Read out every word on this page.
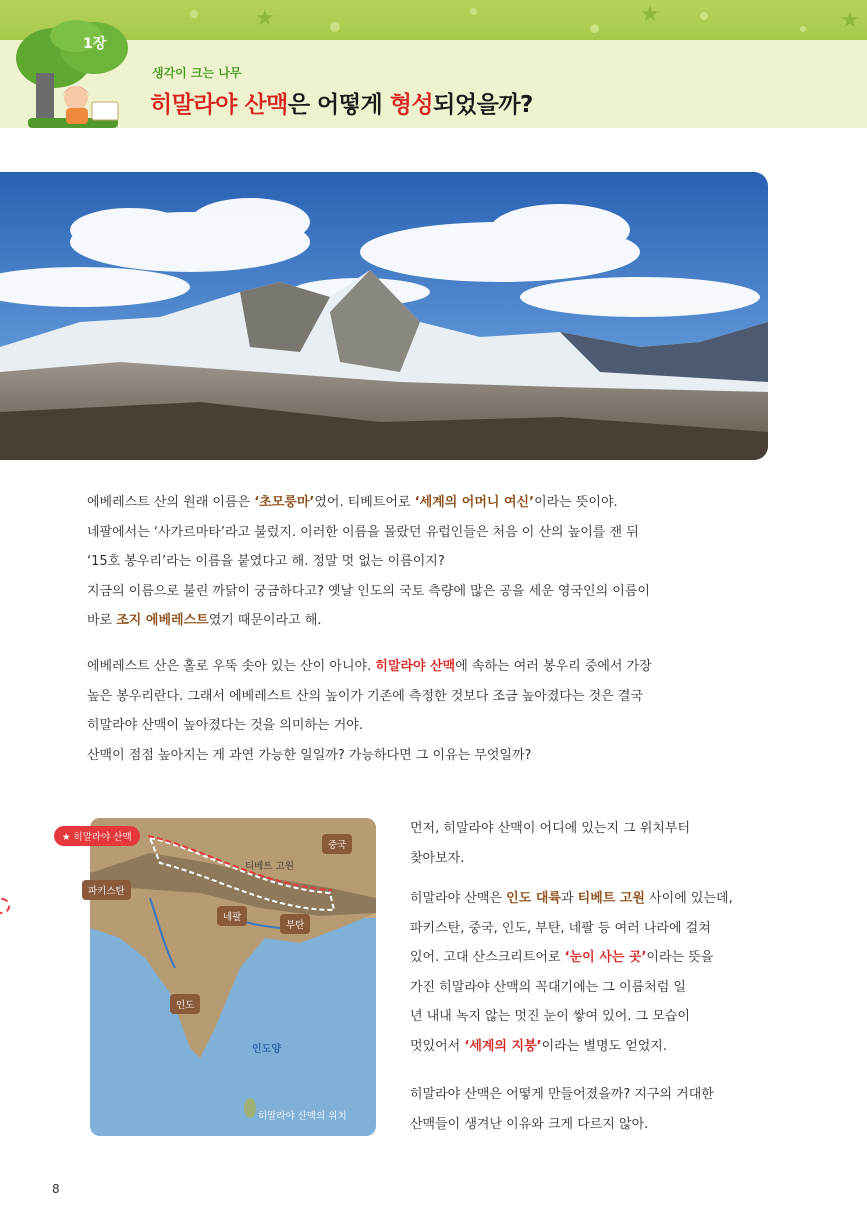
★	★	★
1장
생각이 크는 나무
히말라야 산맥은 어떻게 형성되었을까?
에베레스트 산의 원래 이름은 ‘초모룽마’였어. 티베트어로 ‘세계의 어머니 여신’이라는 뜻이야.
네팔에서는 ‘사가르마타’라고 불렀지. 이러한 이름을 몰랐던 유럽인들은 처음 이 산의 높이를 잰 뒤
‘15호 봉우리’라는 이름을 붙였다고 해. 정말 멋 없는 이름이지?
지금의 이름으로 불린 까닭이 궁금하다고? 옛날 인도의 국토 측량에 많은 공을 세운 영국인의 이름이
바로 조지 에베레스트였기 때문이라고 해.
에베레스트 산은 홀로 우뚝 솟아 있는 산이 아니야. 히말라야 산맥에 속하는 여러 봉우리 중에서 가장
높은 봉우리란다. 그래서 에베레스트 산의 높이가 기존에 측정한 것보다 조금 높아졌다는 것은 결국
히말라야 산맥이 높아졌다는 것을 의미하는 거야.
산맥이 점점 높아지는 게 과연 가능한 일일까? 가능하다면 그 이유는 무엇일까?
★ 히말라야 산맥
티베트 고원
중국
파키스탄
네팔
부탄
인도
인도양
히말라야 산맥의 위치
먼저, 히말라야 산맥이 어디에 있는지 그 위치부터
찾아보자.
히말라야 산맥은 인도 대륙과 티베트 고원 사이에 있는데,
파키스탄, 중국, 인도, 부탄, 네팔 등 여러 나라에 걸쳐
있어. 고대 산스크리트어로 ‘눈이 사는 곳’이라는 뜻을
가진 히말라야 산맥의 꼭대기에는 그 이름처럼 일
년 내내 녹지 않는 멋진 눈이 쌓여 있어. 그 모습이
멋있어서 ‘세계의 지붕’이라는 별명도 얻었지.
히말라야 산맥은 어떻게 만들어졌을까? 지구의 거대한
산맥들이 생겨난 이유와 크게 다르지 않아.
8
